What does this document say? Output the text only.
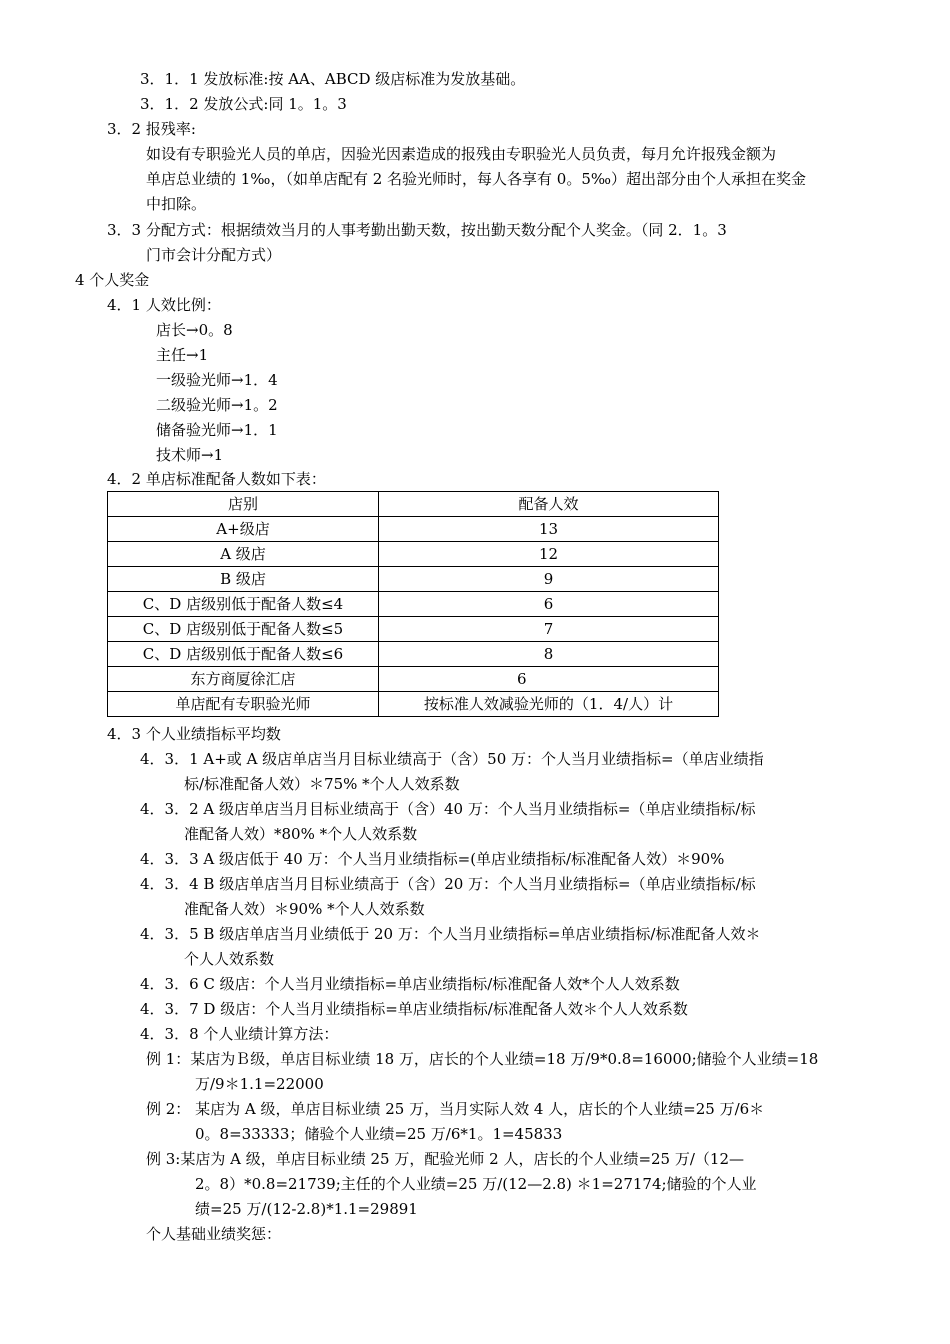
3．1．1 发放标准:按 AA、ABCD 级店标准为发放基础。
3．1．2 发放公式:同 1。1。3
3．2 报残率:
如设有专职验光人员的单店，因验光因素造成的报残由专职验光人员负责，每月允许报残金额为
单店总业绩的 1‰，（如单店配有 2 名验光师时，每人各享有 0。5‰）超出部分由个人承担在奖金
中扣除。
3．3 分配方式：根据绩效当月的人事考勤出勤天数，按出勤天数分配个人奖金。（同 2．1。3
门市会计分配方式）
4 个人奖金
4．1 人效比例：
店长→0。8
主任→1
一级验光师→1．4
二级验光师→1。2
储备验光师→1．1
技术师→1
4．2 单店标准配备人数如下表：
店别	配备人效
A+级店	13
A 级店	12
B 级店	9
C、D 店级别低于配备人数≤4	6
C、D 店级别低于配备人数≤5	7
C、D 店级别低于配备人数≤6	8
东方商厦徐汇店	6
单店配有专职验光师	按标准人效减验光师的（1．4/人）计
4．3 个人业绩指标平均数
4．3．1 A+或 A 级店单店当月目标业绩高于（含）50 万：个人当月业绩指标=（单店业绩指
标/标准配备人效）＊75% *个人人效系数
4．3．2 A 级店单店当月目标业绩高于（含）40 万：个人当月业绩指标=（单店业绩指标/标
准配备人效）*80% *个人人效系数
4．3．3 A 级店低于 40 万：个人当月业绩指标=(单店业绩指标/标准配备人效）＊90%
4．3．4 B 级店单店当月目标业绩高于（含）20 万：个人当月业绩指标=（单店业绩指标/标
准配备人效）＊90% *个人人效系数
4．3．5 B 级店单店当月业绩低于 20 万：个人当月业绩指标=单店业绩指标/标准配备人效＊
个人人效系数
4．3．6 C 级店：个人当月业绩指标=单店业绩指标/标准配备人效*个人人效系数
4．3．7 D 级店：个人当月业绩指标=单店业绩指标/标准配备人效＊个人人效系数
4．3．8 个人业绩计算方法：
例 1：某店为Ｂ级，单店目标业绩 18 万，店长的个人业绩=18 万/9*0.8=16000;储验个人业绩=18
万/9＊1.1=22000
例 2： 某店为 A 级，单店目标业绩 25 万，当月实际人效 4 人，店长的个人业绩=25 万/6＊
0。8=33333；储验个人业绩=25 万/6*1。1=45833
例 3:某店为 A 级，单店目标业绩 25 万，配验光师 2 人，店长的个人业绩=25 万/（12—
2。8）*0.8=21739;主任的个人业绩=25 万/(12—2.8) ＊1=27174;储验的个人业
绩=25 万/(12-2.8)*1.1=29891
个人基础业绩奖惩：
